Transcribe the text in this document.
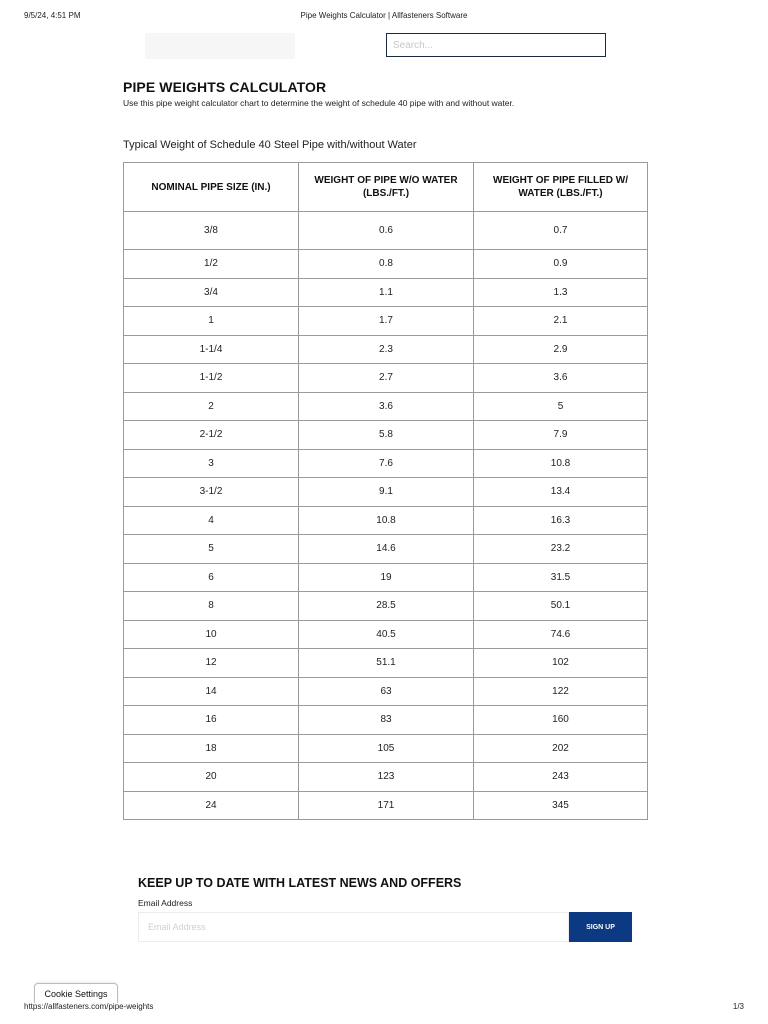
9/5/24, 4:51 PM	Pipe Weights Calculator | Allfasteners Software
Search...
PIPE WEIGHTS CALCULATOR
Use this pipe weight calculator chart to determine the weight of schedule 40 pipe with and without water.
Typical Weight of Schedule 40 Steel Pipe with/without Water
NOMINAL PIPE SIZE (IN.)	WEIGHT OF PIPE W/O WATER (LBS./FT.)	WEIGHT OF PIPE FILLED W/ WATER (LBS./FT.)
3/8	0.6	0.7
1/2	0.8	0.9
3/4	1.1	1.3
1	1.7	2.1
1-1/4	2.3	2.9
1-1/2	2.7	3.6
2	3.6	5
2-1/2	5.8	7.9
3	7.6	10.8
3-1/2	9.1	13.4
4	10.8	16.3
5	14.6	23.2
6	19	31.5
8	28.5	50.1
10	40.5	74.6
12	51.1	102
14	63	122
16	83	160
18	105	202
20	123	243
24	171	345
KEEP UP TO DATE WITH LATEST NEWS AND OFFERS
Email Address
Email Address
SIGN UP
Cookie Settings
https://allfasteners.com/pipe-weights	1/3
